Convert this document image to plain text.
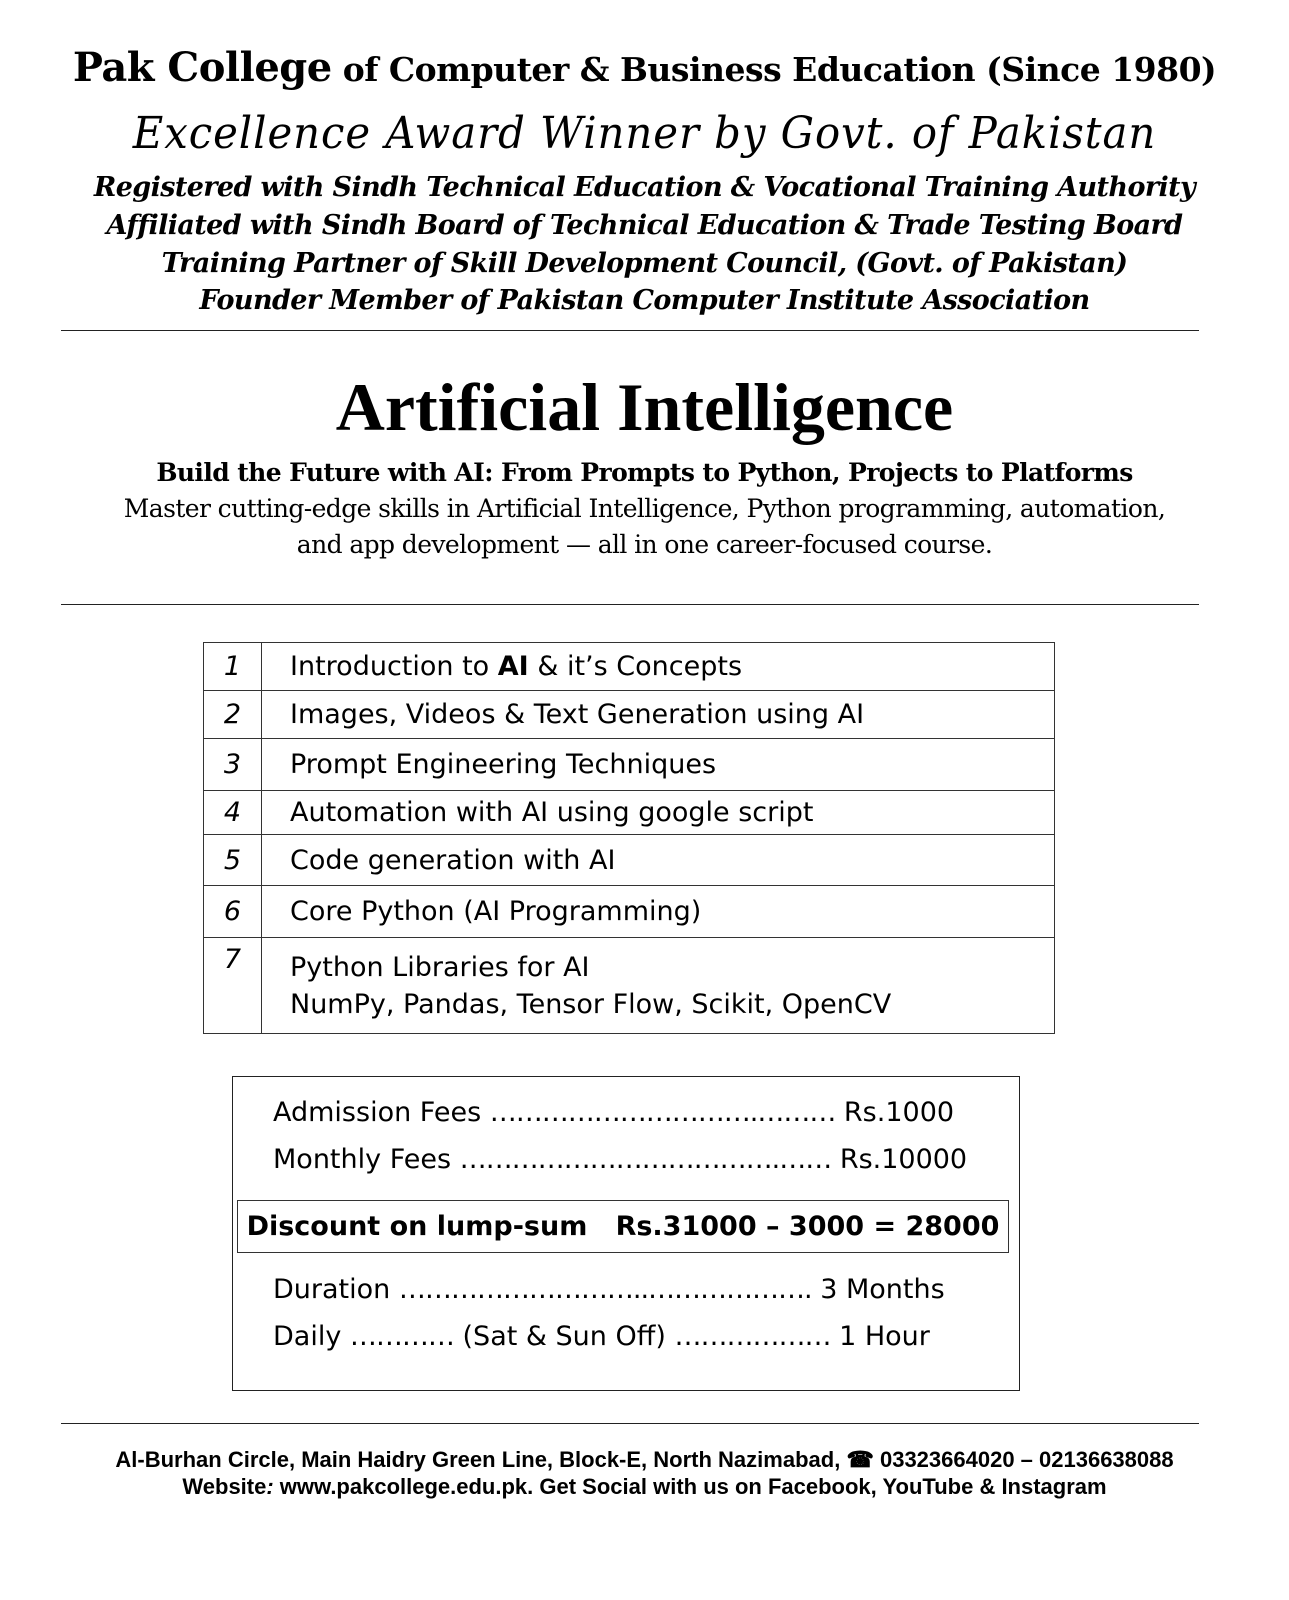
Pak College of Computer & Business Education (Since 1980)
Excellence Award Winner by Govt. of Pakistan
Registered with Sindh Technical Education & Vocational Training Authority
Affiliated with Sindh Board of Technical Education & Trade Testing Board
Training Partner of Skill Development Council, (Govt. of Pakistan)
Founder Member of Pakistan Computer Institute Association
Artificial Intelligence
Build the Future with AI: From Prompts to Python, Projects to Platforms
Master cutting-edge skills in Artificial Intelligence, Python programming, automation,
and app development — all in one career-focused course.
1	Introduction to AI & it’s Concepts
2	Images, Videos & Text Generation using AI
3	Prompt Engineering Techniques
4	Automation with AI using google script
5	Code generation with AI
6	Core Python (AI Programming)
7	Python Libraries for AI
NumPy, Pandas, Tensor Flow, Scikit, OpenCV
Admission Fees ………………………….……… Rs.1000
Monthly Fees ……………………………….…… Rs.10000
Discount on lump-sum Rs.31000 – 3000 = 28000
Duration ………………………..………………. 3 Months
Daily ………… (Sat & Sun Off) ……………… 1 Hour
Al-Burhan Circle, Main Haidry Green Line, Block-E, North Nazimabad, ☎ 03323664020 – 02136638088
Website: www.pakcollege.edu.pk. Get Social with us on Facebook, YouTube & Instagram
